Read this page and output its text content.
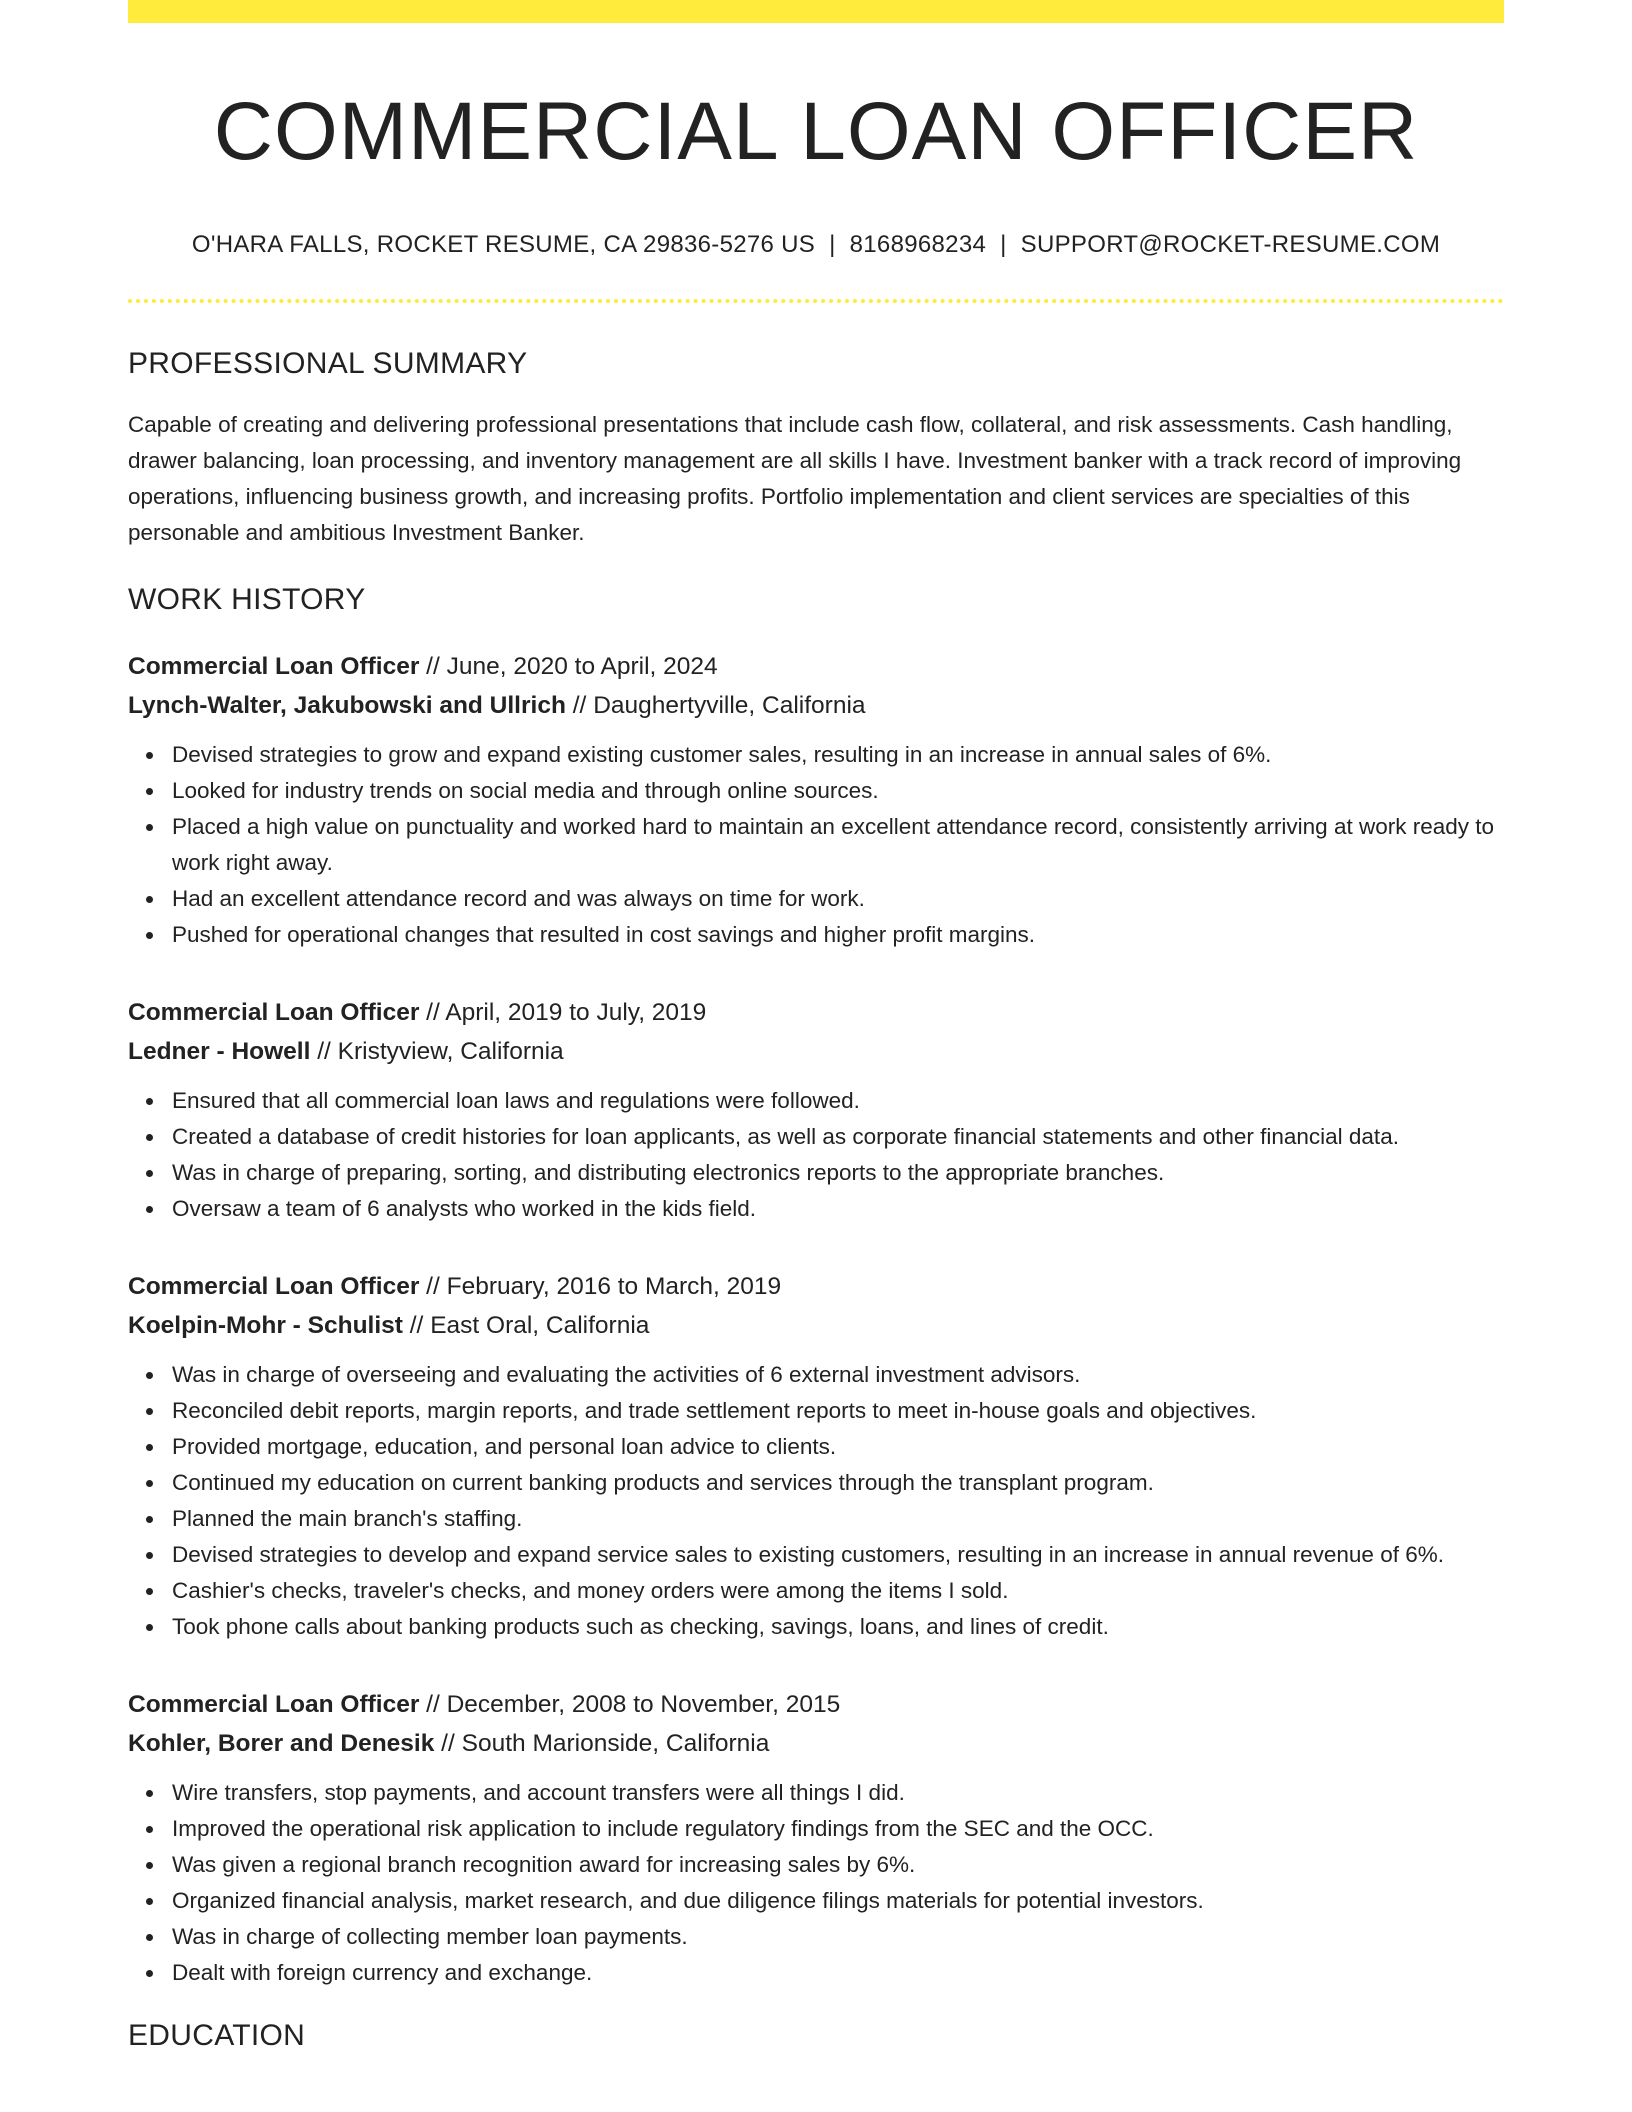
COMMERCIAL LOAN OFFICER
O'HARA FALLS, ROCKET RESUME, CA 29836-5276 US | 8168968234 | SUPPORT@ROCKET-RESUME.COM
PROFESSIONAL SUMMARY

Capable of creating and delivering professional presentations that include cash flow, collateral, and risk assessments. Cash handling, drawer balancing, loan processing, and inventory management are all skills I have. Investment banker with a track record of improving operations, influencing business growth, and increasing profits. Portfolio implementation and client services are specialties of this personable and ambitious Investment Banker.

WORK HISTORY
Commercial Loan Officer // June, 2020 to April, 2024
Lynch-Walter, Jakubowski and Ullrich // Daughertyville, California
Devised strategies to grow and expand existing customer sales, resulting in an increase in annual sales of 6%.
Looked for industry trends on social media and through online sources.
Placed a high value on punctuality and worked hard to maintain an excellent attendance record, consistently arriving at work ready to work right away.
Had an excellent attendance record and was always on time for work.
Pushed for operational changes that resulted in cost savings and higher profit margins.
Commercial Loan Officer // April, 2019 to July, 2019
Ledner - Howell // Kristyview, California
Ensured that all commercial loan laws and regulations were followed.
Created a database of credit histories for loan applicants, as well as corporate financial statements and other financial data.
Was in charge of preparing, sorting, and distributing electronics reports to the appropriate branches.
Oversaw a team of 6 analysts who worked in the kids field.
Commercial Loan Officer // February, 2016 to March, 2019
Koelpin-Mohr - Schulist // East Oral, California
Was in charge of overseeing and evaluating the activities of 6 external investment advisors.
Reconciled debit reports, margin reports, and trade settlement reports to meet in-house goals and objectives.
Provided mortgage, education, and personal loan advice to clients.
Continued my education on current banking products and services through the transplant program.
Planned the main branch's staffing.
Devised strategies to develop and expand service sales to existing customers, resulting in an increase in annual revenue of 6%.
Cashier's checks, traveler's checks, and money orders were among the items I sold.
Took phone calls about banking products such as checking, savings, loans, and lines of credit.
Commercial Loan Officer // December, 2008 to November, 2015
Kohler, Borer and Denesik // South Marionside, California
Wire transfers, stop payments, and account transfers were all things I did.
Improved the operational risk application to include regulatory findings from the SEC and the OCC.
Was given a regional branch recognition award for increasing sales by 6%.
Organized financial analysis, market research, and due diligence filings materials for potential investors.
Was in charge of collecting member loan payments.
Dealt with foreign currency and exchange.
EDUCATION
